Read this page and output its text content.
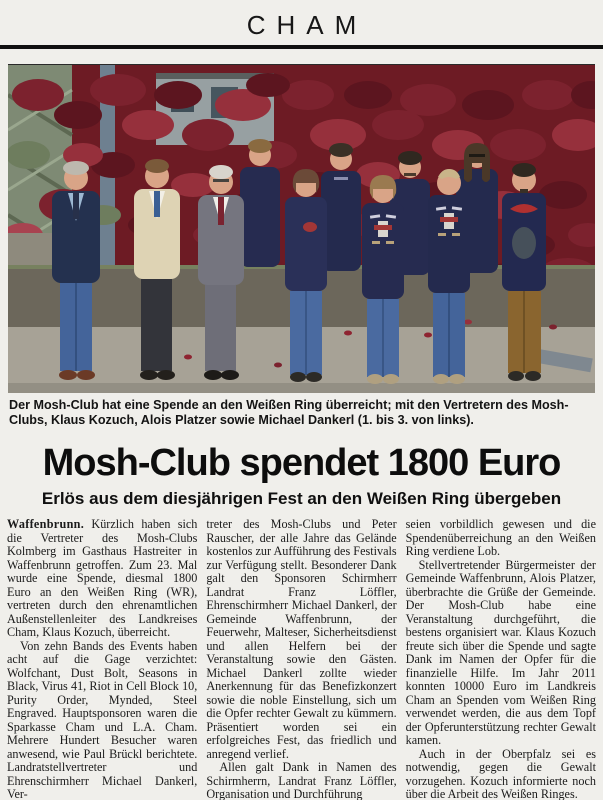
CHAM
Der Mosh-Club hat eine Spende an den Weißen Ring überreicht; mit den Vertretern des Mosh-Clubs, Klaus Kozuch, Alois Platzer sowie Michael Dankerl (1. bis 3. von links).
Mosh-Club spendet 1800 Euro
Erlös aus dem diesjährigen Fest an den Weißen Ring übergeben

Waffenbrunn. Kürzlich haben sich die Vertreter des Mosh-Clubs Kolmberg im Gasthaus Hastreiter in Waffenbrunn getroffen. Zum 23. Mal wurde eine Spende, diesmal 1800 Euro an den Weißen Ring (WR), vertreten durch den ehrenamtlichen Außenstellenleiter des Landkreises Cham, Klaus Kozuch, überreicht.

Von zehn Bands des Events haben acht auf die Gage verzichtet: Wolfchant, Dust Bolt, Seasons in Black, Virus 41, Riot in Cell Block 10, Purity Order, Mynded, Steel Engraved. Hauptsponsoren waren die Sparkasse Cham und L.A. Cham. Mehrere Hundert Besucher waren anwesend, wie Paul Brückl berichtete. Landratstellvertreter und Ehrenschirmherr Michael Dankerl, Ver-

treter des Mosh-Clubs und Peter Rauscher, der alle Jahre das Gelände kostenlos zur Aufführung des Festivals zur Verfügung stellt. Besonderer Dank galt den Sponsoren Schirmherr Landrat Franz Löffler, Ehrenschirmherr Michael Dankerl, der Gemeinde Waffenbrunn, der Feuerwehr, Malteser, Sicherheitsdienst und allen Helfern bei der Veranstaltung sowie den Gästen. Michael Dankerl zollte wieder Anerkennung für das Benefizkonzert sowie die noble Einstellung, sich um die Opfer rechter Gewalt zu kümmern. Präsentiert worden sei ein erfolgreiches Fest, das friedlich und anregend verlief.

Allen galt Dank in Namen des Schirmherrn, Landrat Franz Löffler, Organisation und Durchführung

seien vorbildlich gewesen und die Spendenüberreichung an den Weißen Ring verdiene Lob.

Stellvertretender Bürgermeister der Gemeinde Waffenbrunn, Alois Platzer, überbrachte die Grüße der Gemeinde. Der Mosh-Club habe eine Veranstaltung durchgeführt, die bestens organisiert war. Klaus Kozuch freute sich über die Spende und sagte Dank im Namen der Opfer für die finanzielle Hilfe. Im Jahr 2011 konnten 10000 Euro im Landkreis Cham an Spenden vom Weißen Ring verwendet werden, die aus dem Topf der Opferunterstützung rechter Gewalt kamen.

Auch in der Oberpfalz sei es notwendig, gegen die Gewalt vorzugehen. Kozuch informierte noch über die Arbeit des Weißen Ringes.
